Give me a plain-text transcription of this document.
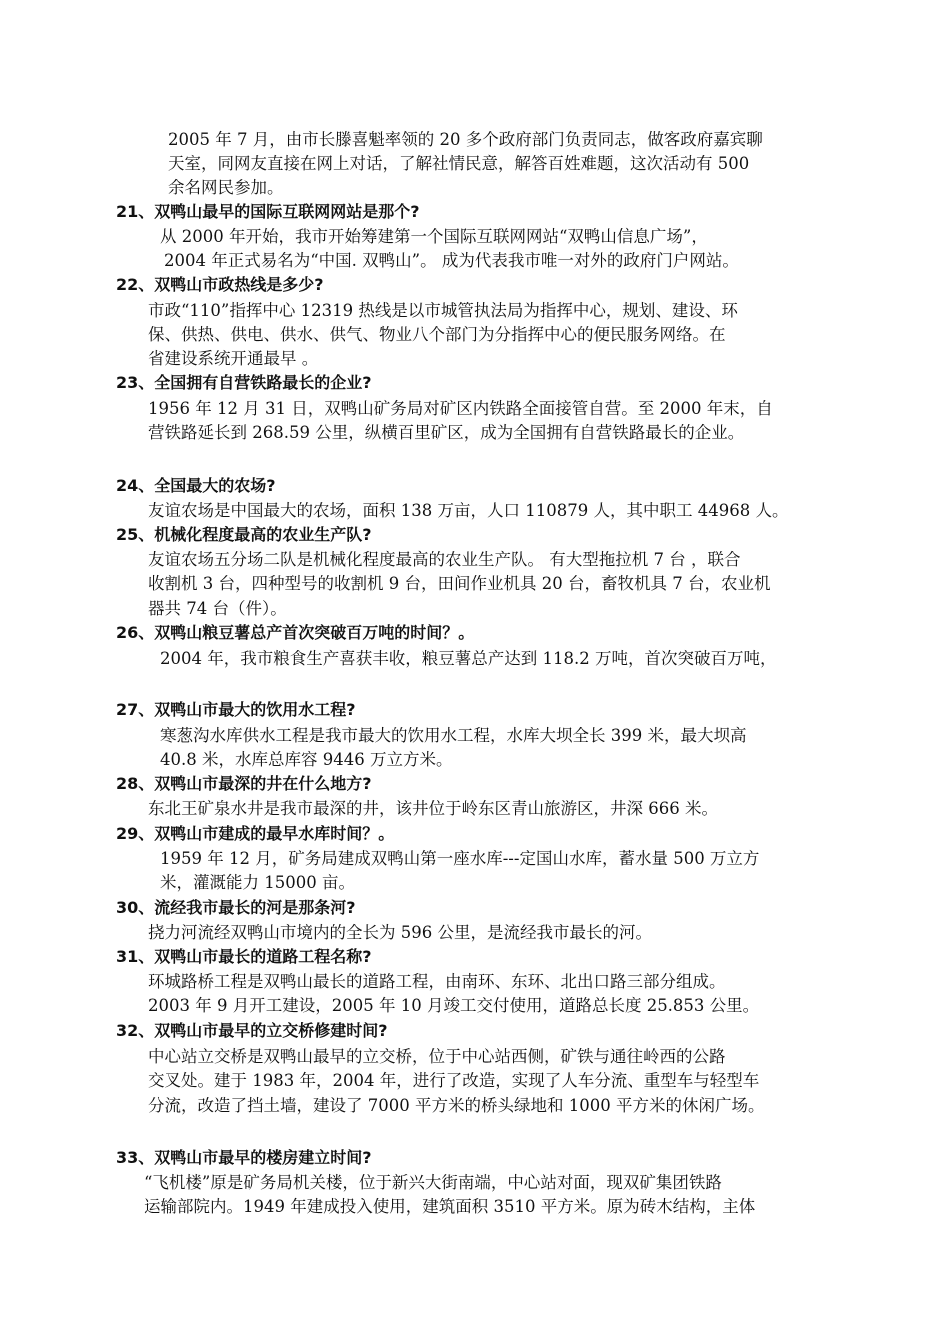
2005 年 7 月，由市长滕喜魁率领的 20 多个政府部门负责同志，做客政府嘉宾聊
天室，同网友直接在网上对话，了解社情民意，解答百姓难题，这次活动有 500
余名网民参加。
21、双鸭山最早的国际互联网网站是那个?
从 2000 年开始，我市开始筹建第一个国际互联网网站“双鸭山信息广场”，
2004 年正式易名为“中国. 双鸭山”。 成为代表我市唯一对外的政府门户网站。
22、双鸭山市政热线是多少?
市政“110”指挥中心 12319 热线是以市城管执法局为指挥中心，规划、建设、环
保、供热、供电、供水、供气、物业八个部门为分指挥中心的便民服务网络。在
省建设系统开通最早 。
23、全国拥有自营铁路最长的企业?
1956 年 12 月 31 日，双鸭山矿务局对矿区内铁路全面接管自营。至 2000 年末，自
营铁路延长到 268.59 公里，纵横百里矿区，成为全国拥有自营铁路最长的企业。
24、全国最大的农场?
友谊农场是中国最大的农场，面积 138 万亩，人口 110879 人，其中职工 44968 人。
25、机械化程度最高的农业生产队?
友谊农场五分场二队是机械化程度最高的农业生产队。 有大型拖拉机 7 台 ，联合
收割机 3 台，四种型号的收割机 9 台，田间作业机具 20 台，畜牧机具 7 台，农业机
器共 74 台（件）。
26、双鸭山粮豆薯总产首次突破百万吨的时间？。
2004 年，我市粮食生产喜获丰收，粮豆薯总产达到 118.2 万吨，首次突破百万吨，
27、双鸭山市最大的饮用水工程?
寒葱沟水库供水工程是我市最大的饮用水工程，水库大坝全长 399 米，最大坝高
40.8 米，水库总库容 9446 万立方米。
28、双鸭山市最深的井在什么地方?
东北王矿泉水井是我市最深的井，该井位于岭东区青山旅游区，井深 666 米。
29、双鸭山市建成的最早水库时间？。
1959 年 12 月，矿务局建成双鸭山第一座水库---定国山水库，蓄水量 500 万立方
米，灌溉能力 15000 亩。
30、流经我市最长的河是那条河?
挠力河流经双鸭山市境内的全长为 596 公里，是流经我市最长的河。
31、双鸭山市最长的道路工程名称?
环城路桥工程是双鸭山最长的道路工程，由南环、东环、北出口路三部分组成。
2003 年 9 月开工建设，2005 年 10 月竣工交付使用，道路总长度 25.853 公里。
32、双鸭山市最早的立交桥修建时间?
中心站立交桥是双鸭山最早的立交桥，位于中心站西侧，矿铁与通往岭西的公路
交叉处。建于 1983 年，2004 年，进行了改造，实现了人车分流、重型车与轻型车
分流，改造了挡土墙，建设了 7000 平方米的桥头绿地和 1000 平方米的休闲广场。
33、双鸭山市最早的楼房建立时间?
“飞机楼”原是矿务局机关楼，位于新兴大街南端，中心站对面，现双矿集团铁路
运输部院内。1949 年建成投入使用，建筑面积 3510 平方米。原为砖木结构，主体
